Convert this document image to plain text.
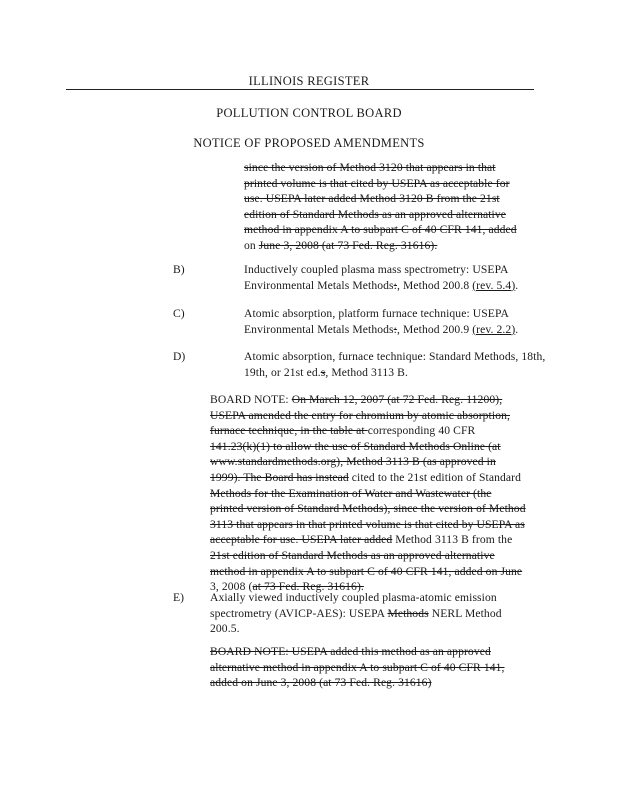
ILLINOIS REGISTER
POLLUTION CONTROL BOARD
NOTICE OF PROPOSED AMENDMENTS
since the version of Method 3120 that appears in that
printed volume is that cited by USEPA as acceptable for
use. USEPA later added Method 3120 B from the 21st
edition of Standard Methods as an approved alternative
method in appendix A to subpart C of 40 CFR 141, added
on June 3, 2008 (at 73 Fed. Reg. 31616).
B)	Inductively coupled plasma mass spectrometry: USEPA
Environmental Metals Methods:, Method 200.8 (rev. 5.4).
C)	Atomic absorption, platform furnace technique: USEPA
Environmental Metals Methods:, Method 200.9 (rev. 2.2).
D)	Atomic absorption, furnace technique: Standard Methods, 18th,
19th, or 21st ed.s, Method 3113 B.
BOARD NOTE: On March 12, 2007 (at 72 Fed. Reg. 11200),
USEPA amended the entry for chromium by atomic absorption,
furnace technique, in the table at corresponding 40 CFR
141.23(k)(1) to allow the use of Standard Methods Online (at
www.standardmethods.org), Method 3113 B (as approved in
1999). The Board has instead cited to the 21st edition of Standard
Methods for the Examination of Water and Wastewater (the
printed version of Standard Methods), since the version of Method
3113 that appears in that printed volume is that cited by USEPA as
acceptable for use. USEPA later added Method 3113 B from the
21st edition of Standard Methods as an approved alternative
method in appendix A to subpart C of 40 CFR 141, added on June
3, 2008 (at 73 Fed. Reg. 31616).
E) Axially viewed inductively coupled plasma-atomic emission
spectrometry (AVICP-AES): USEPA Methods NERL Method
200.5.
BOARD NOTE: USEPA added this method as an approved
alternative method in appendix A to subpart C of 40 CFR 141,
added on June 3, 2008 (at 73 Fed. Reg. 31616)
